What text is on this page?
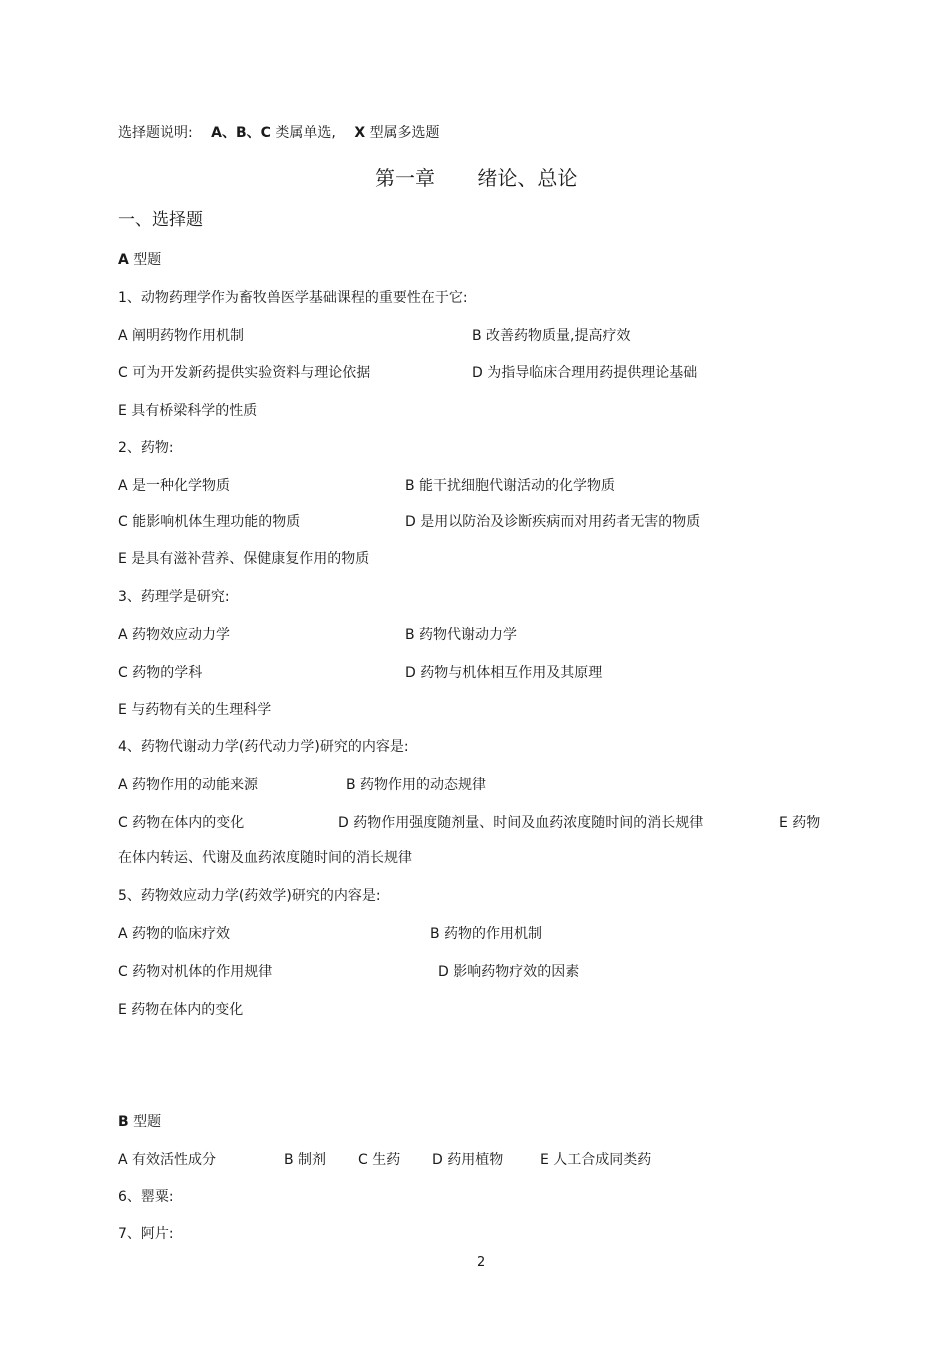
选择题说明: A、B、C 类属单选, X 型属多选题
第一章 绪论、总论
一、选择题
A 型题
1、动物药理学作为畜牧兽医学基础课程的重要性在于它:
A 阐明药物作用机制	B 改善药物质量,提高疗效
C 可为开发新药提供实验资料与理论依据	D 为指导临床合理用药提供理论基础
E 具有桥梁科学的性质
2、药物:
A 是一种化学物质	B 能干扰细胞代谢活动的化学物质
C 能影响机体生理功能的物质	D 是用以防治及诊断疾病而对用药者无害的物质
E 是具有滋补营养、保健康复作用的物质
3、药理学是研究:
A 药物效应动力学	B 药物代谢动力学
C 药物的学科	D 药物与机体相互作用及其原理
E 与药物有关的生理科学
4、药物代谢动力学(药代动力学)研究的内容是:
A 药物作用的动能来源	B 药物作用的动态规律
C 药物在体内的变化	D 药物作用强度随剂量、时间及血药浓度随时间的消长规律	E 药物
在体内转运、代谢及血药浓度随时间的消长规律
5、药物效应动力学(药效学)研究的内容是:
A 药物的临床疗效	B 药物的作用机制
C 药物对机体的作用规律	D 影响药物疗效的因素
E 药物在体内的变化
B 型题
A 有效活性成分	B 制剂 C 生药 D 药用植物	E 人工合成同类药
6、罂粟:
7、阿片:
2
